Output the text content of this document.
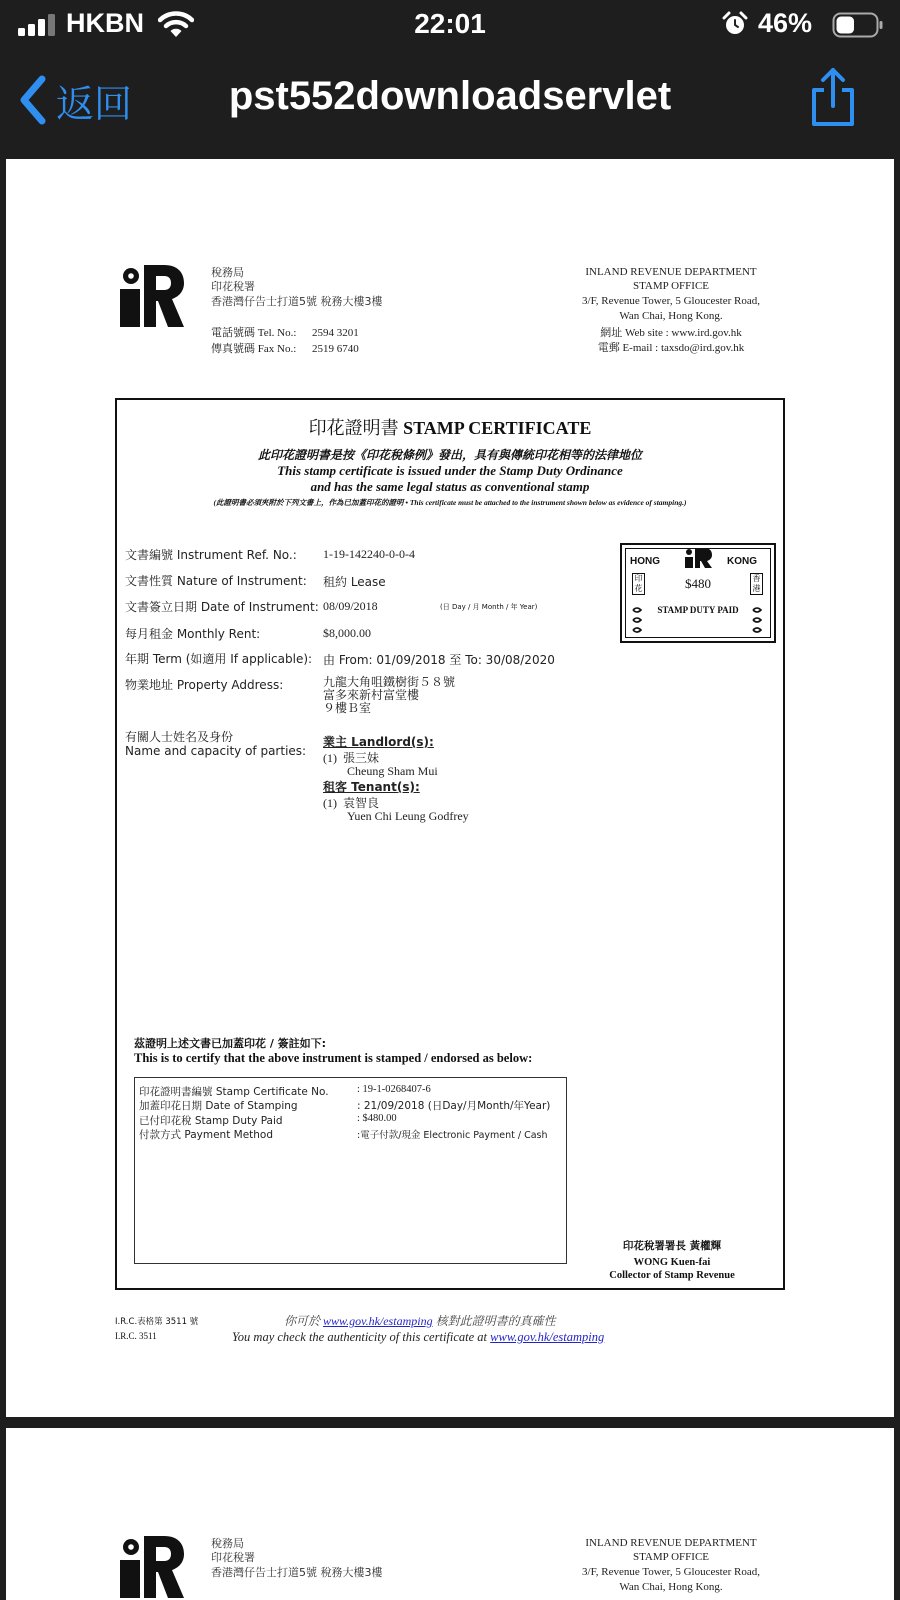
HKBN	22:01	46%
返回	pst552downloadservlet
稅務局
印花稅署
香港灣仔告士打道5號 稅務大樓3樓
電話號碼 Tel. No.: 2594 3201
傳真號碼 Fax No.: 2519 6740
INLAND REVENUE DEPARTMENT
STAMP OFFICE
3/F, Revenue Tower, 5 Gloucester Road,
Wan Chai, Hong Kong.
網址 Web site : www.ird.gov.hk
電郵 E-mail : taxsdo@ird.gov.hk
印花證明書 STAMP CERTIFICATE
此印花證明書是按《印花稅條例》發出，具有與傳統印花相等的法律地位
This stamp certificate is issued under the Stamp Duty Ordinance
and has the same legal status as conventional stamp
(此證明書必須夾附於下列文書上，作為已加蓋印花的證明 • This certificate must be attached to the instrument shown below as evidence of stamping.)
文書編號 Instrument Ref. No.: 1-19-142240-0-0-4
文書性質 Nature of Instrument: 租約 Lease
文書簽立日期 Date of Instrument: 08/09/2018	(日 Day / 月 Month / 年 Year)
每月租金 Monthly Rent:	$8,000.00
年期 Term (如適用 If applicable): 由 From: 01/09/2018 至 To: 30/08/2020
物業地址 Property Address:	九龍大角咀鐵樹街５８號
富多來新村富堂樓
９樓Ｂ室
有關人士姓名及身份
Name and capacity of parties:
業主 Landlord(s):
(1) 張三妹
Cheung Sham Mui
租客 Tenant(s):
(1) 袁智良
Yuen Chi Leung Godfrey
HONG	KONG
印花
香港
$480
STAMP DUTY PAID
茲證明上述文書已加蓋印花 / 簽註如下:
This is to certify that the above instrument is stamped / endorsed as below:
印花證明書編號 Stamp Certificate No.	: 19-1-0268407-6
加蓋印花日期 Date of Stamping	: 21/09/2018 (日Day/月Month/年Year)
已付印花稅 Stamp Duty Paid	: $480.00
付款方式 Payment Method	:電子付款/現金 Electronic Payment / Cash
印花稅署署長 黃權輝
WONG Kuen-fai
Collector of Stamp Revenue
I.R.C.表格第 3511 號
I.R.C. 3511
你可於 www.gov.hk/estamping 核對此證明書的真確性
You may check the authenticity of this certificate at www.gov.hk/estamping
稅務局
印花稅署
香港灣仔告士打道5號 稅務大樓3樓
INLAND REVENUE DEPARTMENT
STAMP OFFICE
3/F, Revenue Tower, 5 Gloucester Road,
Wan Chai, Hong Kong.
